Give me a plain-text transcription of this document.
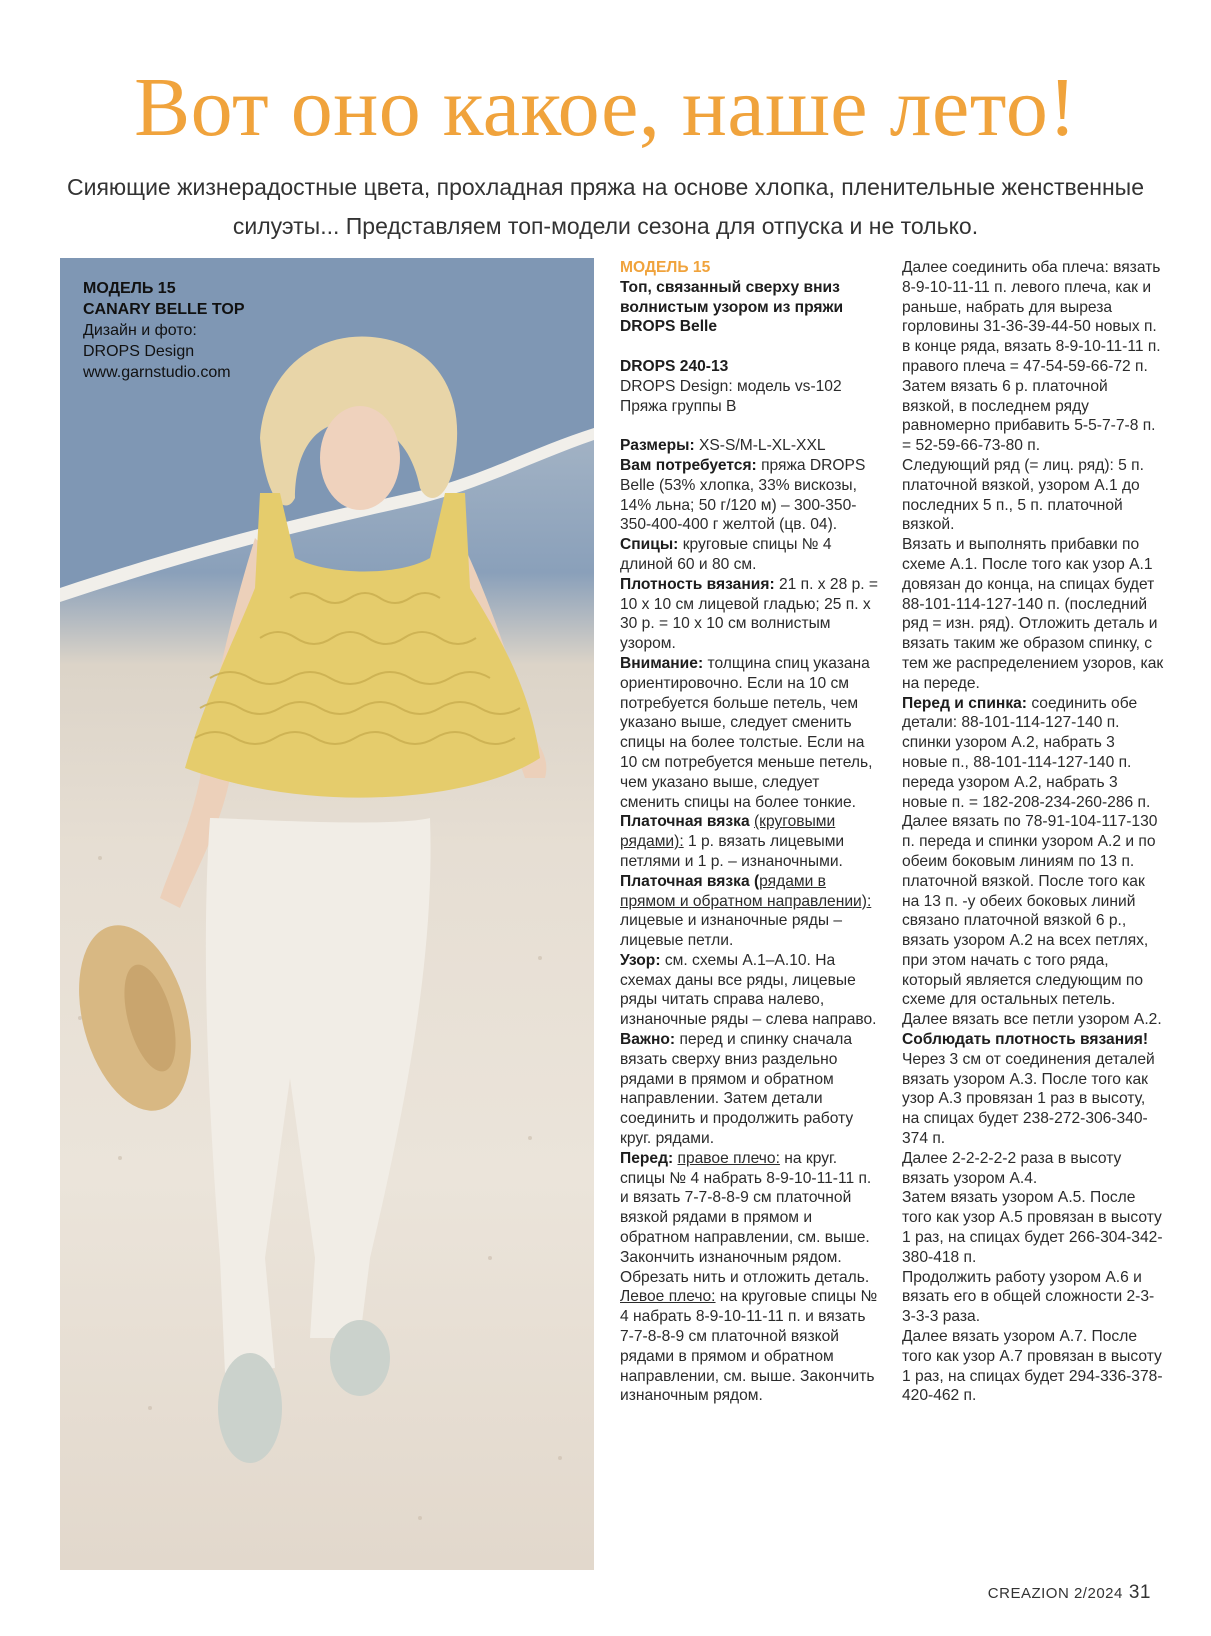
Вот оно какое, наше лето!
Сияющие жизнерадостные цвета, прохладная пряжа на основе хлопка, пленительные женственные силуэты... Представляем топ-модели сезона для отпуска и не только.
МОДЕЛЬ 15
CANARY BELLE TOP
Дизайн и фото:
DROPS Design
www.garnstudio.com

МОДЕЛЬ 15

Топ, связанный сверху вниз волнистым узором из пряжи DROPS Belle

DROPS 240-13

DROPS Design: модель vs-102

Пряжа группы В

Размеры: XS-S/M-L-XL-XXL

Вам потребуется: пряжа DROPS Belle (53% хлопка, 33% вискозы, 14% льна; 50 г/120 м) – 300-350-350-400-400 г желтой (цв. 04).

Спицы: круговые спицы № 4 длиной 60 и 80 см.

Плотность вязания: 21 п. х 28 р. = 10 х 10 см лицевой гладью; 25 п. х 30 р. = 10 х 10 см волнистым узором.

Внимание: толщина спиц указана ориентировочно. Если на 10 см потребуется больше петель, чем указано выше, следует сменить спицы на более толстые. Если на 10 см потребуется меньше петель, чем указано выше, следует сменить спицы на более тонкие.

Платочная вязка (круговыми рядами): 1 р. вязать лицевыми петлями и 1 р. – изнаночными.

Платочная вязка (рядами в прямом и обратном направлении): лицевые и изнаночные ряды – лицевые петли.

Узор: см. схемы А.1–А.10. На схемах даны все ряды, лицевые ряды читать справа налево, изнаночные ряды – слева направо.

Важно: перед и спинку сначала вязать сверху вниз раздельно рядами в прямом и обратном направлении. Затем детали соединить и продолжить работу круг. рядами.

Перед: правое плечо: на круг. спицы № 4 набрать 8-9-10-11-11 п. и вязать 7-7-8-8-9 см платочной вязкой рядами в прямом и обратном направлении, см. выше. Закончить изнаночным рядом. Обрезать нить и отложить деталь.

Левое плечо: на круговые спицы № 4 набрать 8-9-10-11-11 п. и вязать 7-7-8-8-9 см платочной вязкой рядами в прямом и обратном направлении, см. выше. Закончить изнаночным рядом.

Далее соединить оба плеча: вязать 8-9-10-11-11 п. левого плеча, как и раньше, набрать для выреза горловины 31-36-39-44-50 новых п. в конце ряда, вязать 8-9-10-11-11 п. правого плеча = 47-54-59-66-72 п.

Затем вязать 6 р. платочной вязкой, в последнем ряду равномерно прибавить 5-5-7-7-8 п. = 52-59-66-73-80 п.

Следующий ряд (= лиц. ряд): 5 п. платочной вязкой, узором А.1 до последних 5 п., 5 п. платочной вязкой.

Вязать и выполнять прибавки по схеме А.1. После того как узор А.1 довязан до конца, на спицах будет 88-101-114-127-140 п. (последний ряд = изн. ряд). Отложить деталь и вязать таким же образом спинку, с тем же распределением узоров, как на переде.

Перед и спинка: соединить обе детали: 88-101-114-127-140 п. спинки узором А.2, набрать 3 новые п., 88-101-114-127-140 п. переда узором А.2, набрать 3 новые п. = 182-208-234-260-286 п.

Далее вязать по 78-91-104-117-130 п. переда и спинки узором А.2 и по обеим боковым линиям по 13 п. платочной вязкой. После того как на 13 п. -у обеих боковых линий связано платочной вязкой 6 р., вязать узором А.2 на всех петлях, при этом начать с того ряда, который является следующим по схеме для остальных петель.

Далее вязать все петли узором А.2. Соблюдать плотность вязания!

Через 3 см от соединения деталей вязать узором А.3. После того как узор А.3 провязан 1 раз в высоту, на спицах будет 238-272-306-340-374 п.

Далее 2-2-2-2-2 раза в высоту вязать узором А.4.

Затем вязать узором А.5. После того как узор А.5 провязан в высоту 1 раз, на спицах будет 266-304-342-380-418 п.

Продолжить работу узором А.6 и вязать его в общей сложности 2-3-3-3-3 раза.

Далее вязать узором А.7. После того как узор А.7 провязан в высоту 1 раз, на спицах будет 294-336-378-420-462 п.

CREAZION 2/2024 31
